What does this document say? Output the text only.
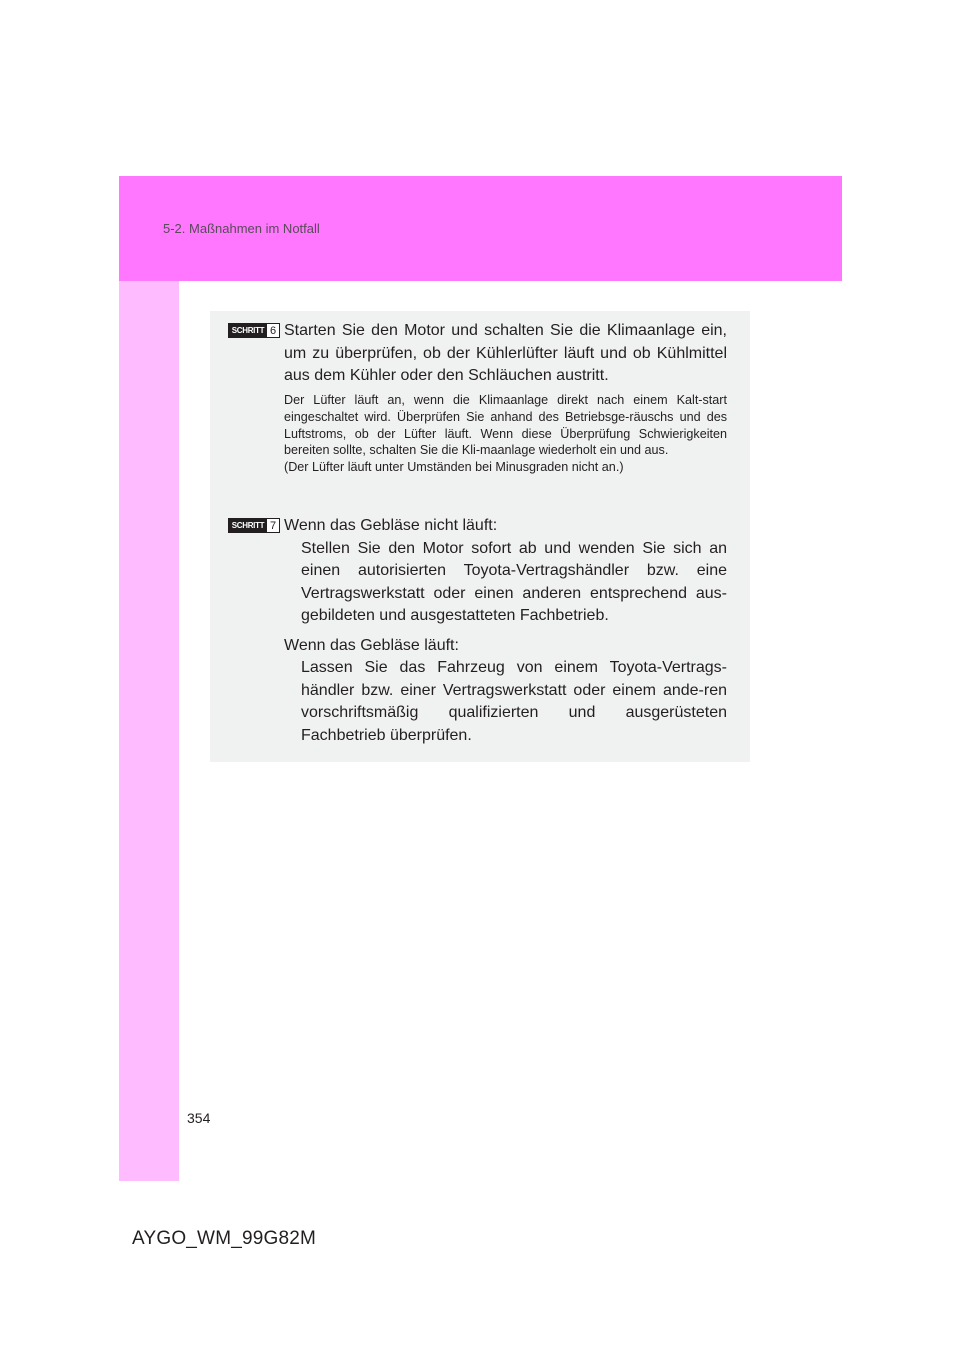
5-2. Maßnahmen im Notfall
SCHRITT 6 Starten Sie den Motor und schalten Sie die Klimaanlage ein, um zu überprüfen, ob der Kühlerlüfter läuft und ob Kühlmittel aus dem Kühler oder den Schläuchen austritt.

Der Lüfter läuft an, wenn die Klimaanlage direkt nach einem Kalt-start eingeschaltet wird. Überprüfen Sie anhand des Betriebsge-räuschs und des Luftstroms, ob der Lüfter läuft. Wenn diese Überprüfung Schwierigkeiten bereiten sollte, schalten Sie die Kli-maanlage wiederholt ein und aus.

(Der Lüfter läuft unter Umständen bei Minusgraden nicht an.)

SCHRITT 7 Wenn das Gebläse nicht läuft:

Stellen Sie den Motor sofort ab und wenden Sie sich an einen autorisierten Toyota-Vertragshändler bzw. eine Vertragswerkstatt oder einen anderen entsprechend aus-gebildeten und ausgestatteten Fachbetrieb.

Wenn das Gebläse läuft:

Lassen Sie das Fahrzeug von einem Toyota-Vertrags-händler bzw. einer Vertragswerkstatt oder einem ande-ren vorschriftsmäßig qualifizierten und ausgerüsteten Fachbetrieb überprüfen.

354
AYGO_WM_99G82M
